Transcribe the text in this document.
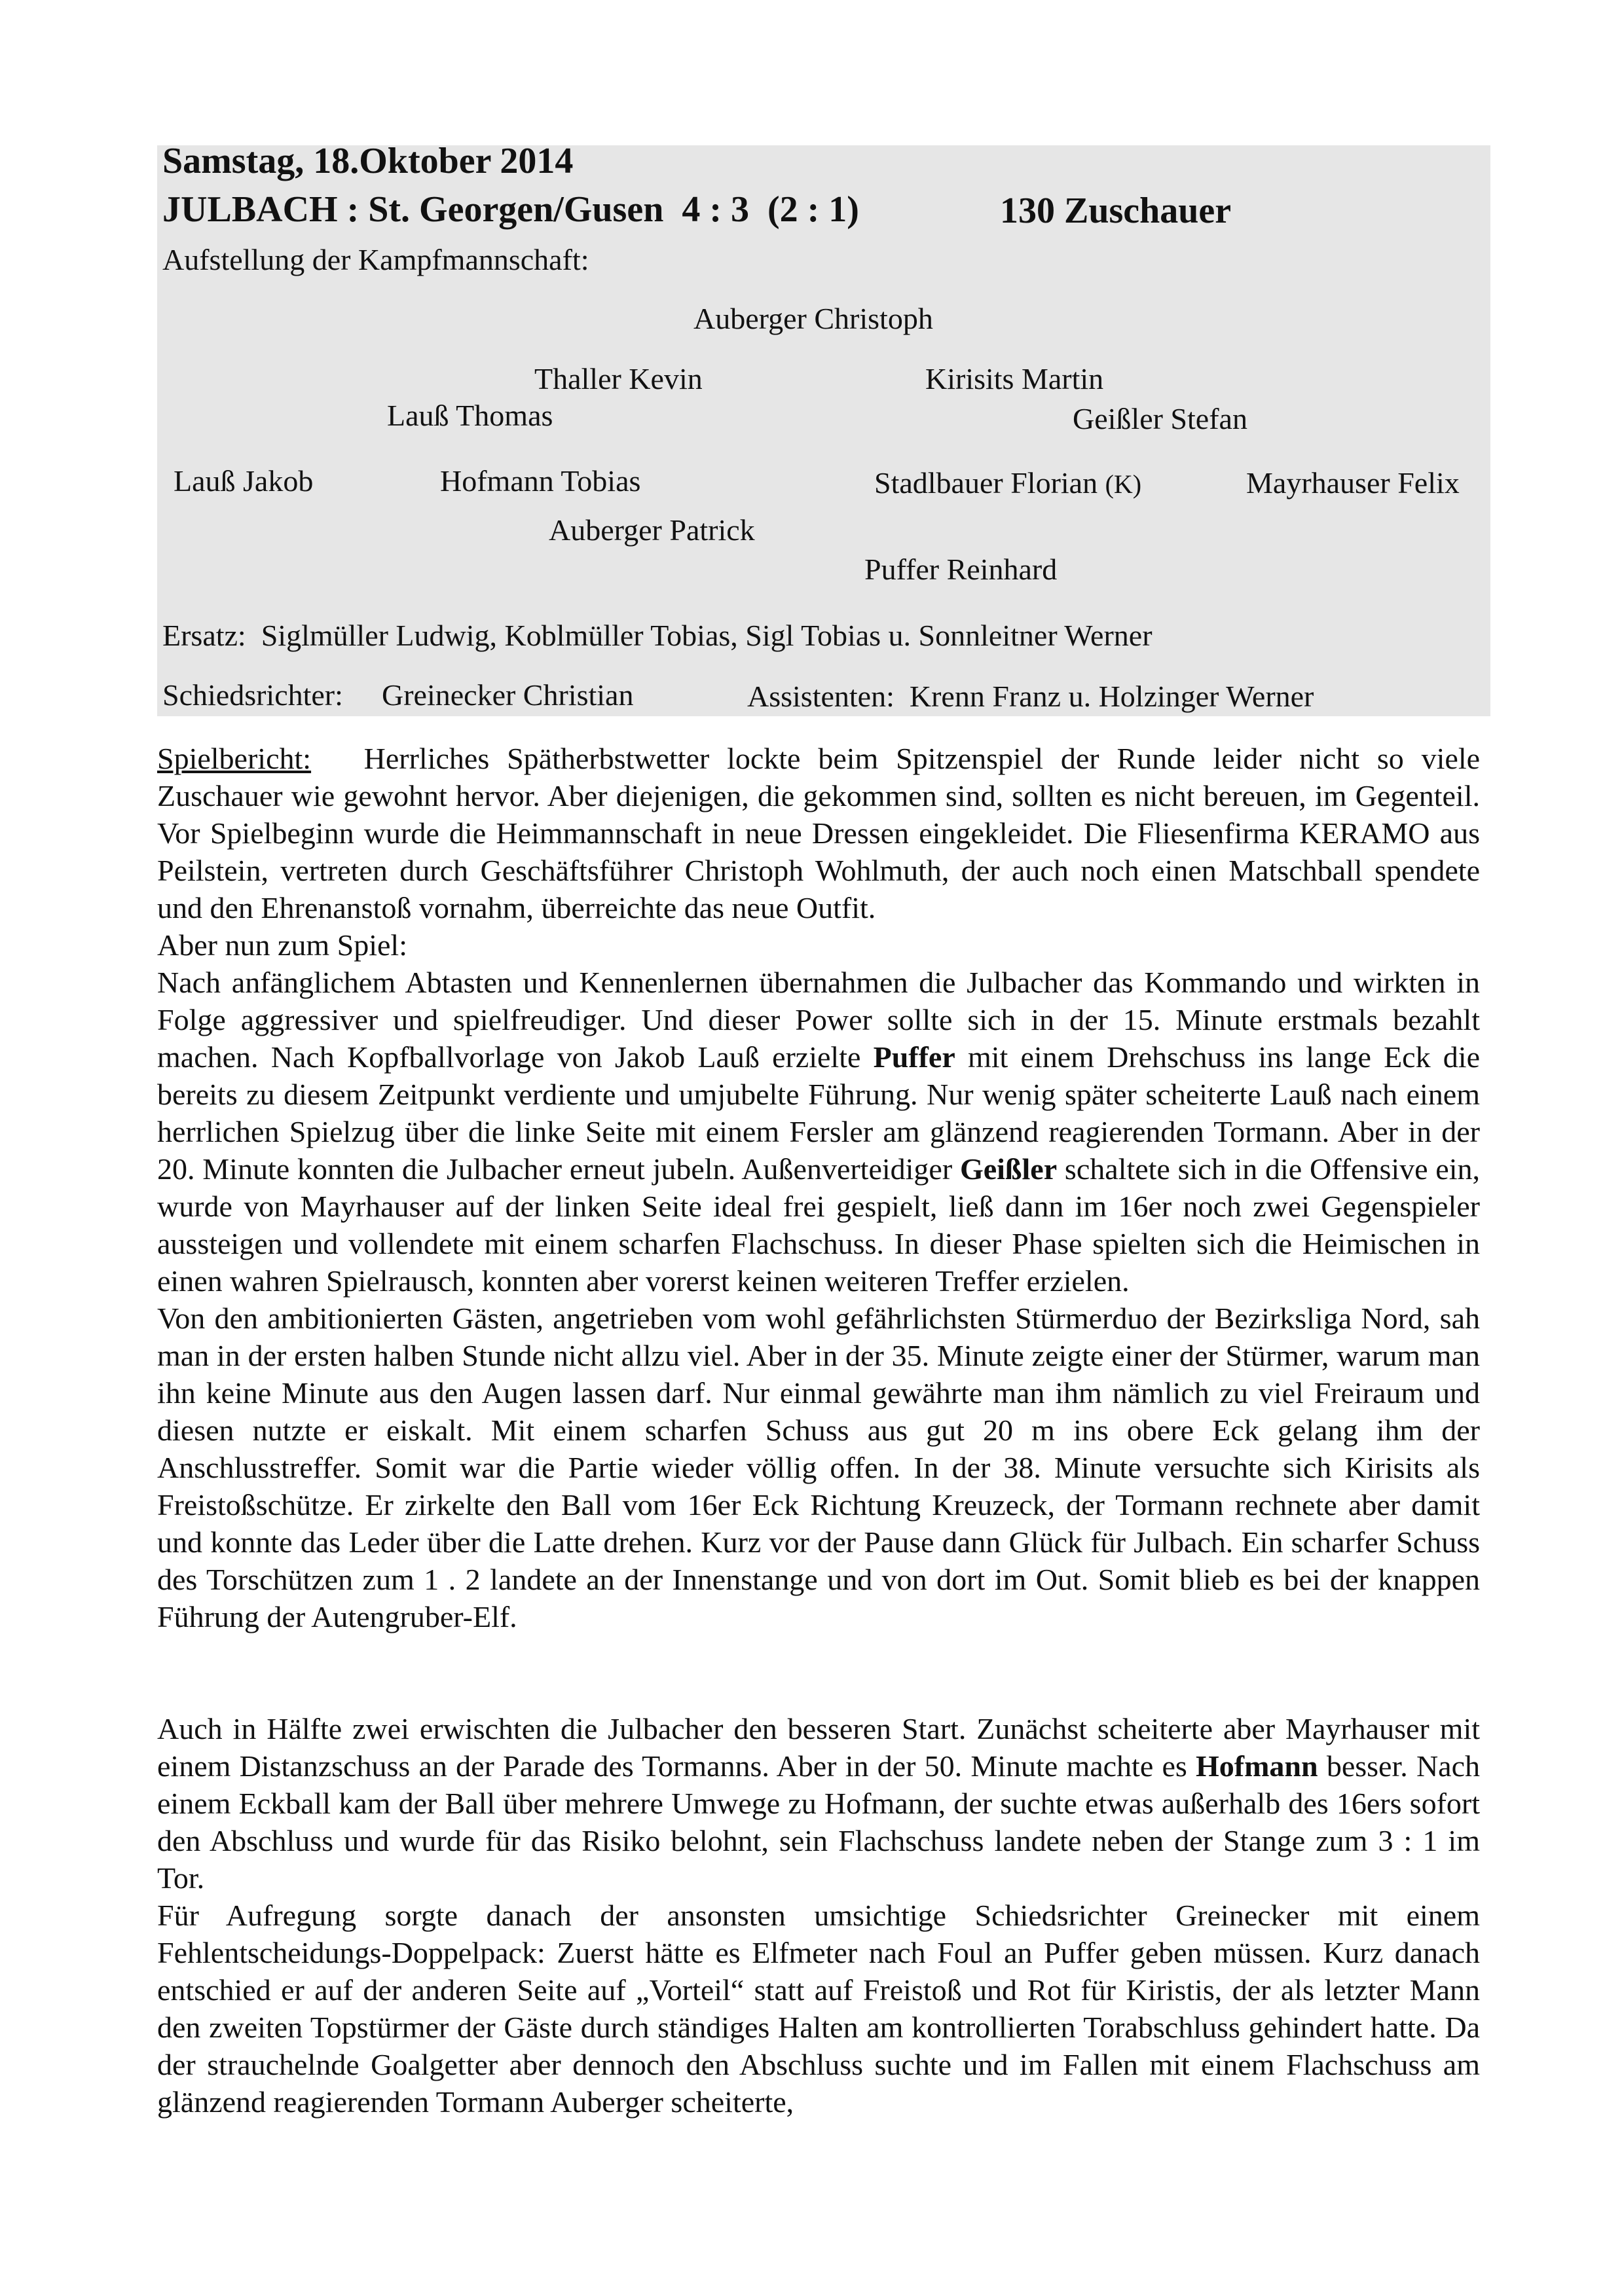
Samstag, 18.Oktober 2014
JULBACH : St. Georgen/Gusen  4 : 3  (2 : 1)	130 Zuschauer
Aufstellung der Kampfmannschaft:
Auberger Christoph
Thaller Kevin	Kirisits Martin
Lauß Thomas	Geißler Stefan
Lauß Jakob	Hofmann Tobias	Stadlbauer Florian (K)	Mayrhauser Felix
Auberger Patrick
Puffer Reinhard
Ersatz:  Siglmüller Ludwig, Koblmüller Tobias, Sigl Tobias u. Sonnleitner Werner
Schiedsrichter: Greinecker Christian	Assistenten:  Krenn Franz u. Holzinger Werner

Spielbericht: Herrliches Spätherbstwetter lockte beim Spitzenspiel der Runde leider nicht so viele Zuschauer wie gewohnt hervor. Aber diejenigen, die gekommen sind, sollten es nicht bereuen, im Gegenteil. Vor Spielbeginn wurde die Heimmannschaft in neue Dressen eingekleidet. Die Fliesenfirma KERAMO aus Peilstein, vertreten durch Geschäftsführer Christoph Wohlmuth, der auch noch einen Matschball spendete und den Ehrenanstoß vornahm, überreichte das neue Outfit.

Aber nun zum Spiel:

Nach anfänglichem Abtasten und Kennenlernen übernahmen die Julbacher das Kommando und wirkten in Folge aggressiver und spielfreudiger. Und dieser Power sollte sich in der 15. Minute erstmals bezahlt machen. Nach Kopfballvorlage von Jakob Lauß erzielte Puffer mit einem Drehschuss ins lange Eck die bereits zu diesem Zeitpunkt verdiente und umjubelte Führung. Nur wenig später scheiterte Lauß nach einem herrlichen Spielzug über die linke Seite mit einem Fersler am glänzend reagierenden Tormann. Aber in der 20. Minute konnten die Julbacher erneut jubeln. Außenverteidiger Geißler schaltete sich in die Offensive ein, wurde von Mayrhauser auf der linken Seite ideal frei gespielt, ließ dann im 16er noch zwei Gegenspieler aussteigen und vollendete mit einem scharfen Flachschuss. In dieser Phase spielten sich die Heimischen in einen wahren Spielrausch, konnten aber vorerst keinen weiteren Treffer erzielen.

Von den ambitionierten Gästen, angetrieben vom wohl gefährlichsten Stürmerduo der Bezirksliga Nord, sah man in der ersten halben Stunde nicht allzu viel. Aber in der 35. Minute zeigte einer der Stürmer, warum man ihn keine Minute aus den Augen lassen darf. Nur einmal gewährte man ihm nämlich zu viel Freiraum und diesen nutzte er eiskalt. Mit einem scharfen Schuss aus gut 20 m ins obere Eck gelang ihm der Anschlusstreffer. Somit war die Partie wieder völlig offen. In der 38. Minute versuchte sich Kirisits als Freistoßschütze. Er zirkelte den Ball vom 16er Eck Richtung Kreuzeck, der Tormann rechnete aber damit und konnte das Leder über die Latte drehen. Kurz vor der Pause dann Glück für Julbach. Ein scharfer Schuss des Torschützen zum 1 . 2 landete an der Innenstange und von dort im Out. Somit blieb es bei der knappen Führung der Autengruber-Elf.

Auch in Hälfte zwei erwischten die Julbacher den besseren Start. Zunächst scheiterte aber Mayrhauser mit einem Distanzschuss an der Parade des Tormanns. Aber in der 50. Minute machte es Hofmann besser. Nach einem Eckball kam der Ball über mehrere Umwege zu Hofmann, der suchte etwas außerhalb des 16ers sofort den Abschluss und wurde für das Risiko belohnt, sein Flachschuss landete neben der Stange zum 3 : 1 im Tor.

Für Aufregung sorgte danach der ansonsten umsichtige Schiedsrichter Greinecker mit einem Fehlentscheidungs-Doppelpack: Zuerst hätte es Elfmeter nach Foul an Puffer geben müssen. Kurz danach entschied er auf der anderen Seite auf „Vorteil“ statt auf Freistoß und Rot für Kiristis, der als letzter Mann den zweiten Topstürmer der Gäste durch ständiges Halten am kontrollierten Torabschluss gehindert hatte. Da der strauchelnde Goalgetter aber dennoch den Abschluss suchte und im Fallen mit einem Flachschuss am glänzend reagierenden Tormann Auberger scheiterte,
